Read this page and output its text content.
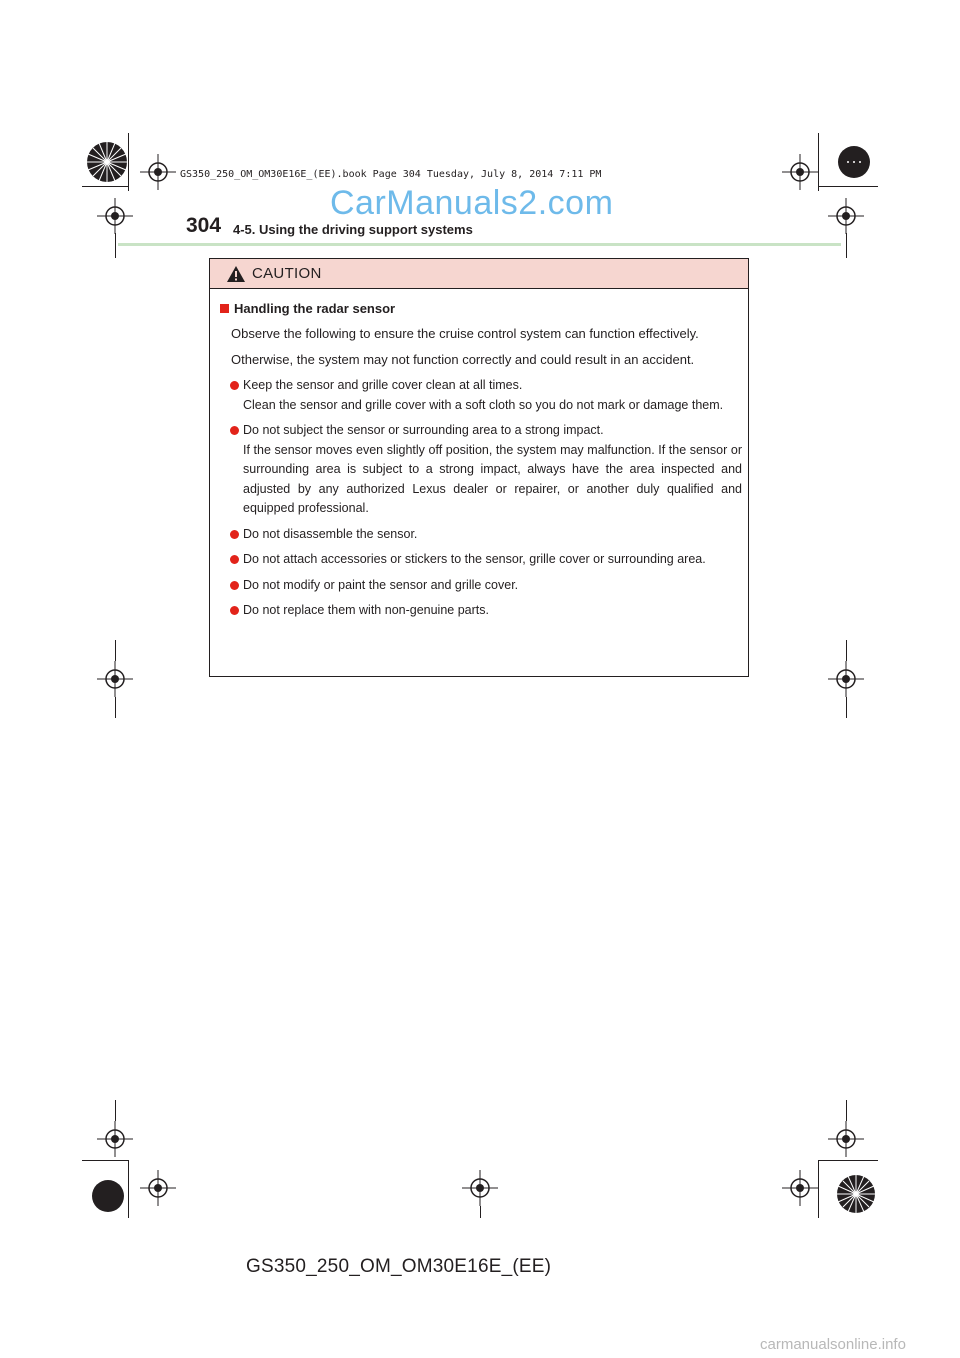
GS350_250_OM_OM30E16E_(EE).book Page 304 Tuesday, July 8, 2014 7:11 PM
CarManuals2.com
304 4-5. Using the driving support systems
CAUTION
Handling the radar sensor
Observe the following to ensure the cruise control system can function effectively.
Otherwise, the system may not function correctly and could result in an accident.
Keep the sensor and grille cover clean at all times.
Clean the sensor and grille cover with a soft cloth so you do not mark or damage them.
Do not subject the sensor or surrounding area to a strong impact.
If the sensor moves even slightly off position, the system may malfunction. If the sensor or surrounding area is subject to a strong impact, always have the area inspected and adjusted by any authorized Lexus dealer or repairer, or another duly qualified and equipped professional.
Do not disassemble the sensor.
Do not attach accessories or stickers to the sensor, grille cover or surrounding area.
Do not modify or paint the sensor and grille cover.
Do not replace them with non-genuine parts.
GS350_250_OM_OM30E16E_(EE)
carmanualsonline.info
